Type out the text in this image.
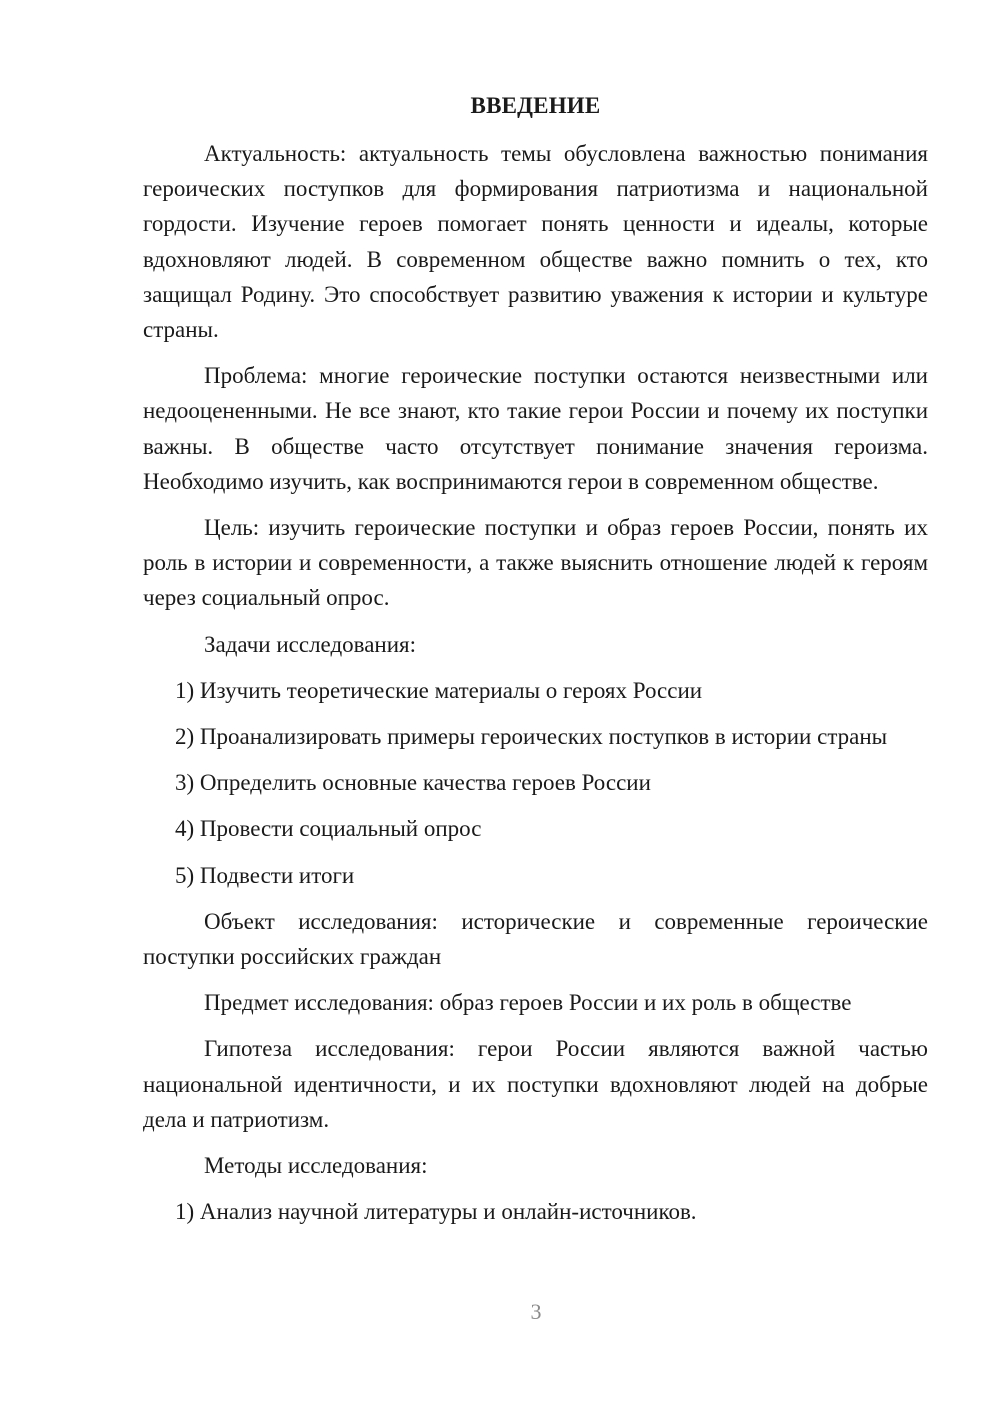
ВВЕДЕНИЕ

Актуальность: актуальность темы обусловлена важностью понимания героических поступков для формирования патриотизма и национальной гордости. Изучение героев помогает понять ценности и идеалы, которые вдохновляют людей. В современном обществе важно помнить о тех, кто защищал Родину. Это способствует развитию уважения к истории и культуре страны.

Проблема: многие героические поступки остаются неизвестными или недооцененными. Не все знают, кто такие герои России и почему их поступки важны. В обществе часто отсутствует понимание значения героизма. Необходимо изучить, как воспринимаются герои в современном обществе.

Цель: изучить героические поступки и образ героев России, понять их роль в истории и современности, а также выяснить отношение людей к героям через социальный опрос.

Задачи исследования:

1) Изучить теоретические материалы о героях России

2) Проанализировать примеры героических поступков в истории страны

3) Определить основные качества героев России

4) Провести социальный опрос

5) Подвести итоги

Объект исследования: исторические и современные героические поступки российских граждан

Предмет исследования: образ героев России и их роль в обществе

Гипотеза исследования: герои России являются важной частью национальной идентичности, и их поступки вдохновляют людей на добрые дела и патриотизм.

Методы исследования:

1) Анализ научной литературы и онлайн-источников.

3
